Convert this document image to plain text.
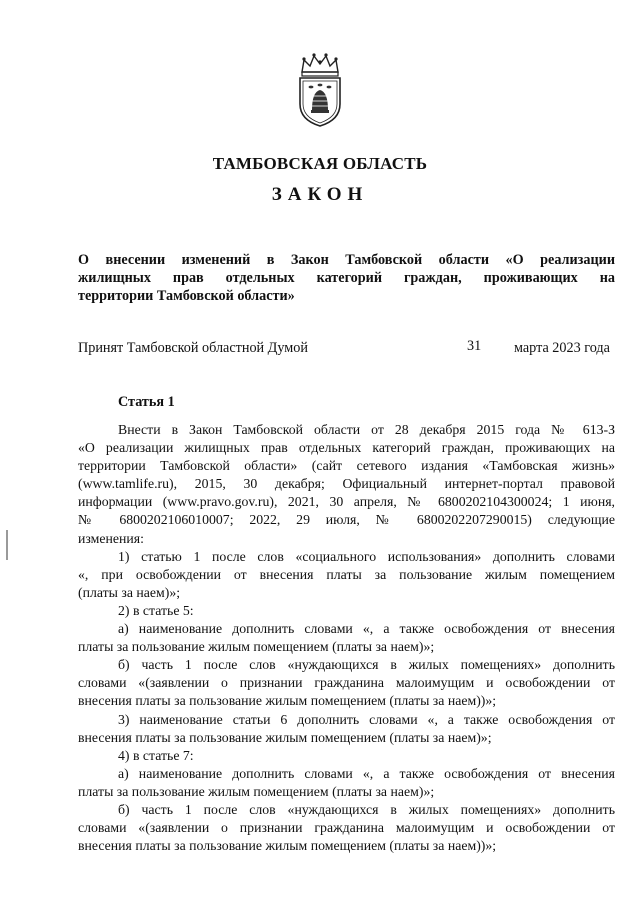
ТАМБОВСКАЯ ОБЛАСТЬ
ЗАКОН
О внесении изменений в Закон Тамбовской области «О реализации
жилищных прав отдельных категорий граждан, проживающих на
территории Тамбовской области»
Принят Тамбовской областной Думой	31 марта 2023 года
Статья 1
Внести в Закон Тамбовской области от 28 декабря 2015 года № 613-З
«О реализации жилищных прав отдельных категорий граждан, проживающих на
территории Тамбовской области» (сайт сетевого издания «Тамбовская жизнь»
(www.tamlife.ru), 2015, 30 декабря; Официальный интернет-портал правовой
информации (www.pravo.gov.ru), 2021, 30 апреля, № 6800202104300024; 1 июня,
№ 6800202106010007; 2022, 29 июля, № 6800202207290015) следующие
изменения:
1) статью 1 после слов «социального использования» дополнить словами
«, при освобождении от внесения платы за пользование жилым помещением
(платы за наем)»;
2) в статье 5:
а) наименование дополнить словами «, а также освобождения от внесения
платы за пользование жилым помещением (платы за наем)»;
б) часть 1 после слов «нуждающихся в жилых помещениях» дополнить
словами «(заявлении о признании гражданина малоимущим и освобождении от
внесения платы за пользование жилым помещением (платы за наем))»;
3) наименование статьи 6 дополнить словами «, а также освобождения от
внесения платы за пользование жилым помещением (платы за наем)»;
4) в статье 7:
а) наименование дополнить словами «, а также освобождения от внесения
платы за пользование жилым помещением (платы за наем)»;
б) часть 1 после слов «нуждающихся в жилых помещениях» дополнить
словами «(заявлении о признании гражданина малоимущим и освобождении от
внесения платы за пользование жилым помещением (платы за наем))»;
